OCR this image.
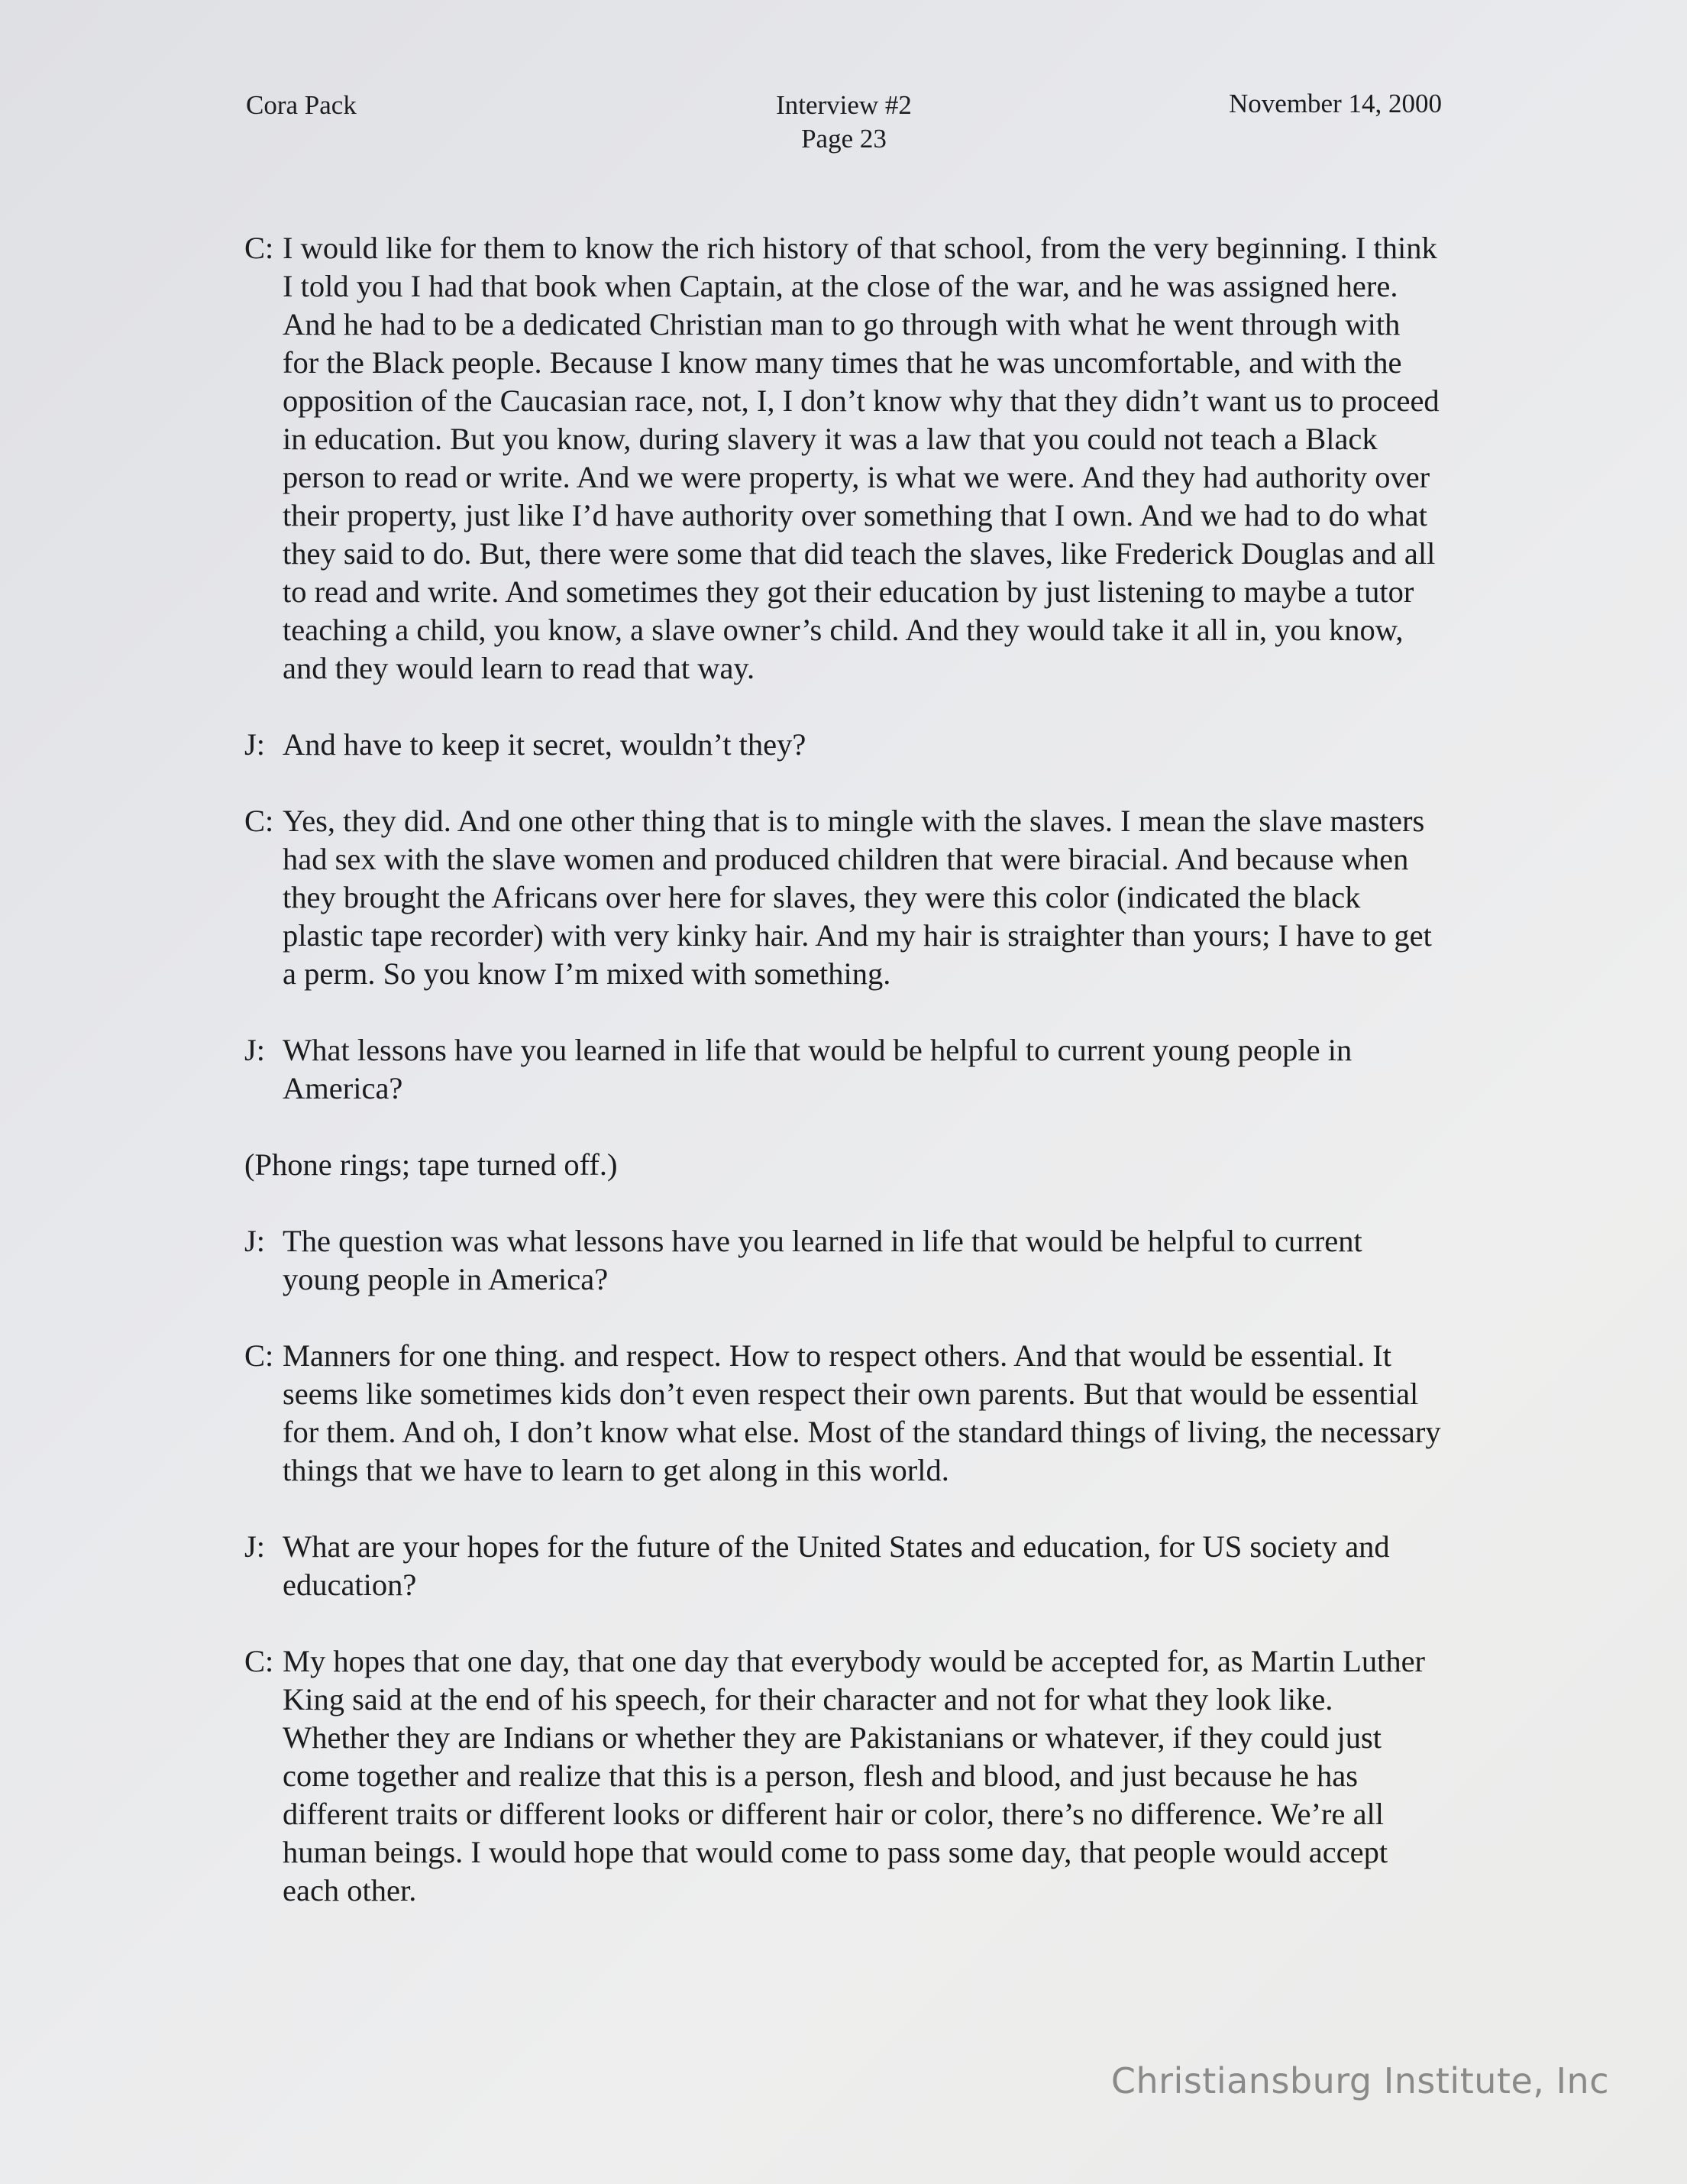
Cora Pack	Interview #2
Page 23
November 14, 2000

C: I would like for them to know the rich history of that school, from the very beginning. I think I told you I had that book when Captain, at the close of the war, and he was assigned here. And he had to be a dedicated Christian man to go through with what he went through with for the Black people. Because I know many times that he was uncomfortable, and with the opposition of the Caucasian race, not, I, I don’t know why that they didn’t want us to proceed in education. But you know, during slavery it was a law that you could not teach a Black person to read or write. And we were property, is what we were. And they had authority over their property, just like I’d have authority over something that I own. And we had to do what they said to do. But, there were some that did teach the slaves, like Frederick Douglas and all to read and write. And sometimes they got their education by just listening to maybe a tutor teaching a child, you know, a slave owner’s child. And they would take it all in, you know, and they would learn to read that way.

J: And have to keep it secret, wouldn’t they?

C: Yes, they did. And one other thing that is to mingle with the slaves. I mean the slave masters had sex with the slave women and produced children that were biracial. And because when they brought the Africans over here for slaves, they were this color (indicated the black plastic tape recorder) with very kinky hair. And my hair is straighter than yours; I have to get a perm. So you know I’m mixed with something.

J: What lessons have you learned in life that would be helpful to current young people in America?

(Phone rings; tape turned off.)

J: The question was what lessons have you learned in life that would be helpful to current young people in America?

C: Manners for one thing. and respect. How to respect others. And that would be essential. It seems like sometimes kids don’t even respect their own parents. But that would be essential for them. And oh, I don’t know what else. Most of the standard things of living, the necessary things that we have to learn to get along in this world.

J: What are your hopes for the future of the United States and education, for US society and education?

C: My hopes that one day, that one day that everybody would be accepted for, as Martin Luther King said at the end of his speech, for their character and not for what they look like. Whether they are Indians or whether they are Pakistanians or whatever, if they could just come together and realize that this is a person, flesh and blood, and just because he has different traits or different looks or different hair or color, there’s no difference. We’re all human beings. I would hope that would come to pass some day, that people would accept each other.

Christiansburg Institute, Inc
